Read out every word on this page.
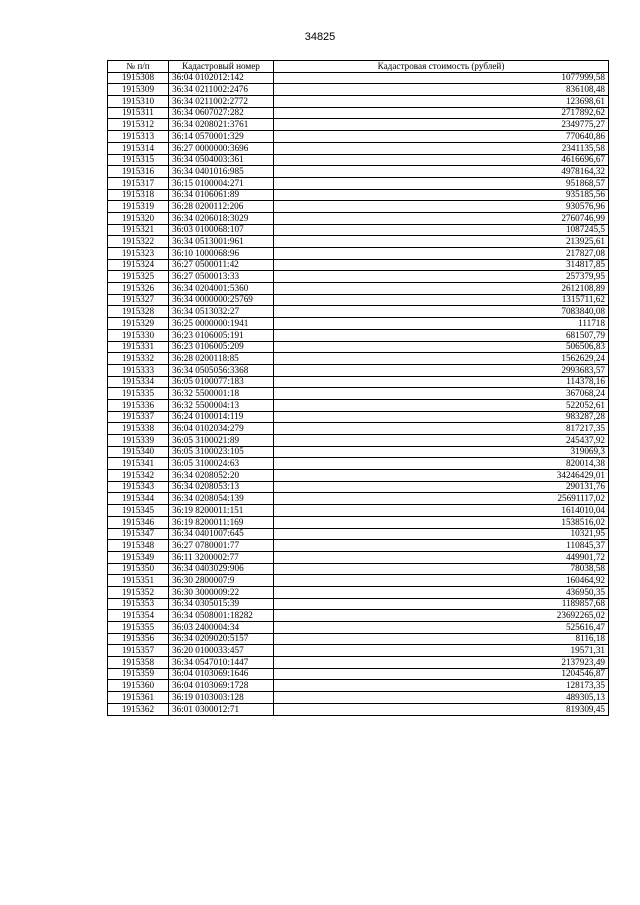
34825
№ п/п	Кадастровый номер	Кадастровая стоимость (рублей)
1915308	36:04 0102012:142	1077999,58
1915309	36:34 0211002:2476	836108,48
1915310	36:34 0211002:2772	123698,61
1915311	36:34 0607027:282	2717892,62
1915312	36:34 0208021:3761	2349775,27
1915313	36:14 0570001:329	770640,86
1915314	36:27 0000000:3696	2341135,58
1915315	36:34 0504003:361	4616696,67
1915316	36:34 0401016:985	4978164,32
1915317	36:15 0100004:271	951868,57
1915318	36:34 0106061:89	935185,56
1915319	36:28 0200112:206	930576,96
1915320	36:34 0206018:3029	2760746,99
1915321	36:03 0100068:107	1087245,5
1915322	36:34 0513001:961	213925,61
1915323	36:10 1000068:96	217827,08
1915324	36:27 0500011:42	314817,85
1915325	36:27 0500013:33	257379,95
1915326	36:34 0204001:5360	2612108,89
1915327	36:34 0000000:25769	1315711,62
1915328	36:34 0513032:27	7083840,08
1915329	36:25 0000000:1941	111718
1915330	36:23 0106005:191	681507,79
1915331	36:23 0106005:209	506506,83
1915332	36:28 0200118:85	1562629,24
1915333	36:34 0505056:3368	2993683,57
1915334	36:05 0100077:183	114378,16
1915335	36:32 5500001:18	367068,24
1915336	36:32 5500004:13	522052,61
1915337	36:24 0100014:119	983287,28
1915338	36:04 0102034:279	817217,35
1915339	36:05 3100021:89	245437,92
1915340	36:05 3100023:105	319069,3
1915341	36:05 3100024:63	820014,38
1915342	36:34 0208052:20	34246429,01
1915343	36:34 0208053:13	290131,76
1915344	36:34 0208054:139	25691117,02
1915345	36:19 8200011:151	1614010,04
1915346	36:19 8200011:169	1538516,02
1915347	36:34 0401007:645	10321,95
1915348	36:27 0780001:77	110845,37
1915349	36:11 3200002:77	449901,72
1915350	36:34 0403029:906	78038,58
1915351	36:30 2800007:9	160464,92
1915352	36:30 3000009:22	436950,35
1915353	36:34 0305015:39	1189857,68
1915354	36:34 0508001:18282	23692265,02
1915355	36:03 2400004:34	525616,47
1915356	36:34 0209020:5157	8116,18
1915357	36:20 0100033:457	19571,31
1915358	36:34 0547010:1447	2137923,49
1915359	36:04 0103069:1646	1204546,87
1915360	36:04 0103069:1728	128173,35
1915361	36:19 0103003:128	489305,13
1915362	36:01 0300012:71	819309,45
